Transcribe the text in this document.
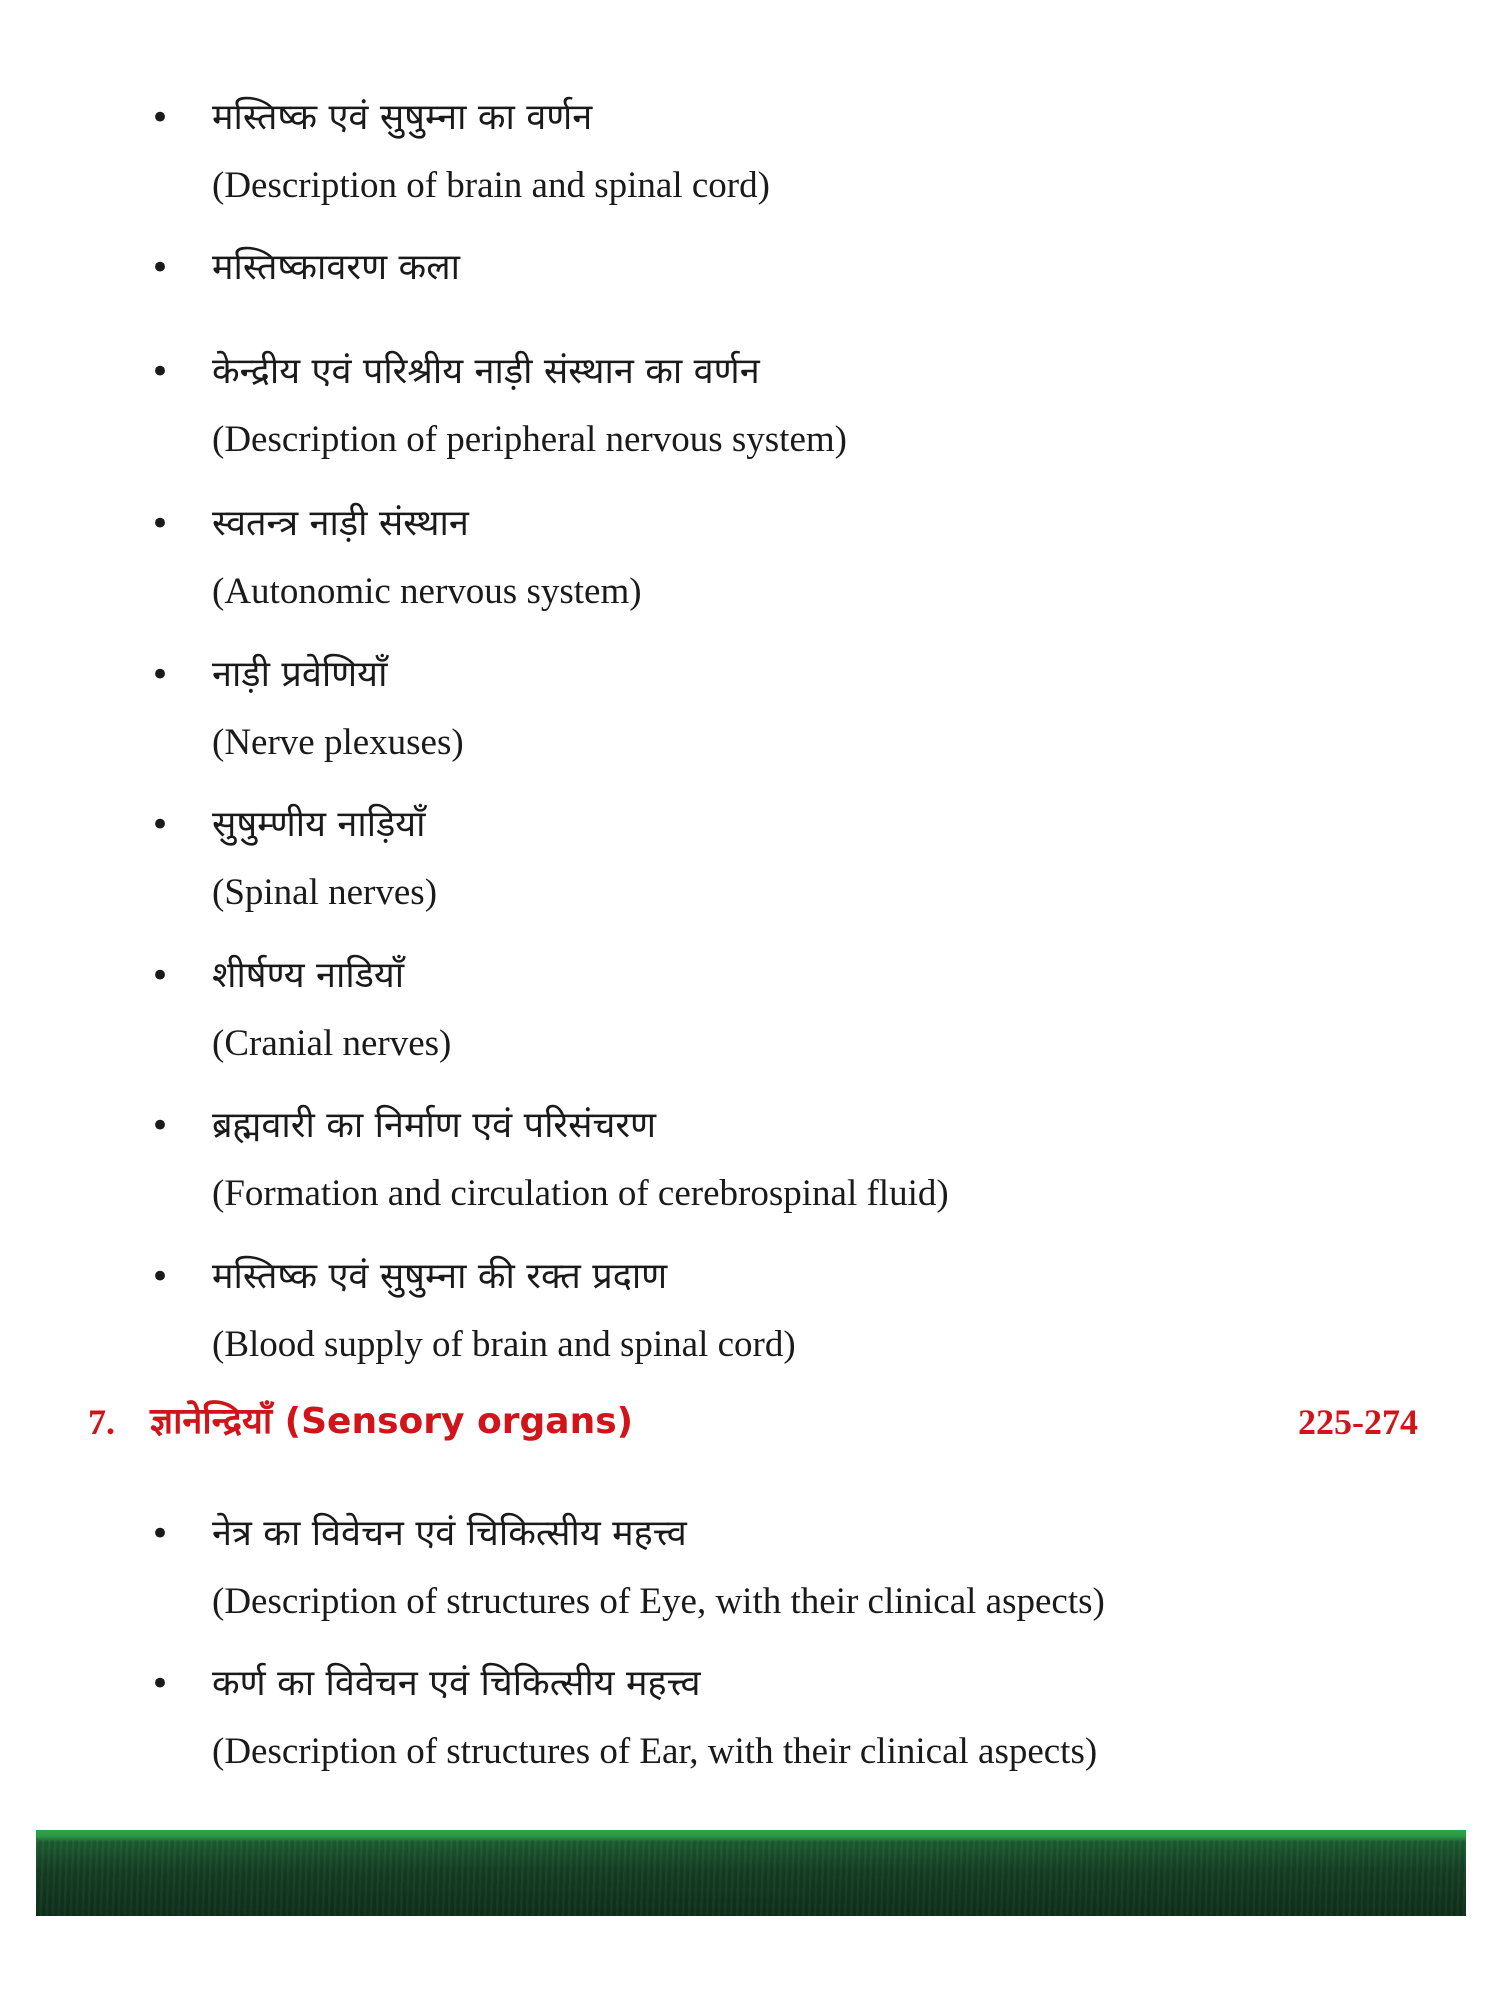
• मस्तिष्क एवं सुषुम्ना का वर्णन
(Description of brain and spinal cord)
• मस्तिष्कावरण कला
• केन्द्रीय एवं परिश्रीय नाड़ी संस्थान का वर्णन
(Description of peripheral nervous system)
• स्वतन्त्र नाड़ी संस्थान
(Autonomic nervous system)
• नाड़ी प्रवेणियाँ
(Nerve plexuses)
• सुषुम्णीय नाड़ियाँ
(Spinal nerves)
• शीर्षण्य नाडियाँ
(Cranial nerves)
• ब्रह्मवारी का निर्माण एवं परिसंचरण
(Formation and circulation of cerebrospinal fluid)
• मस्तिष्क एवं सुषुम्ना की रक्त प्रदाण
(Blood supply of brain and spinal cord)
7. ज्ञानेन्द्रियाँ (Sensory organs)	225-274
• नेत्र का विवेचन एवं चिकित्सीय महत्त्व
(Description of structures of Eye, with their clinical aspects)
• कर्ण का विवेचन एवं चिकित्सीय महत्त्व
(Description of structures of Ear, with their clinical aspects)
